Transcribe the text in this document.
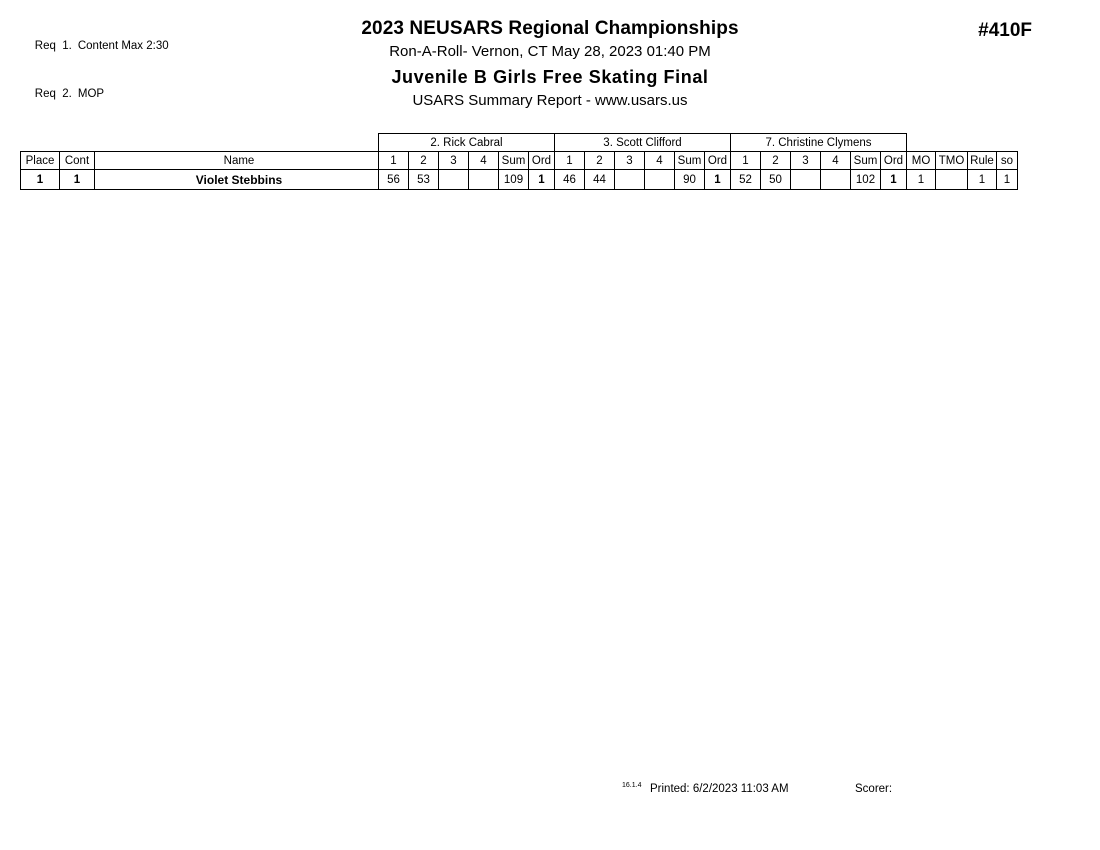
Req  1. Content Max 2:30

Req  2. MOP

2023 NEUSARS Regional Championships
Ron-A-Roll- Vernon, CT May 28, 2023 01:40 PM
Juvenile B Girls Free Skating Final
USARS Summary Report - www.usars.us
#410F
			2. Rick Cabral						3. Scott Clifford						7. Christine Clymens									
Place	Cont	Name	1	2	3	4	Sum	Ord	1	2	3	4	Sum	Ord	1	2	3	4	Sum	Ord	MO	TMO	Rule	so
1	1	Violet Stebbins	56	53			109	1	46	44			90	1	52	50			102	1	1		1	1
16.1.4 Printed: 6/2/2023 11:03 AM	Scorer:
